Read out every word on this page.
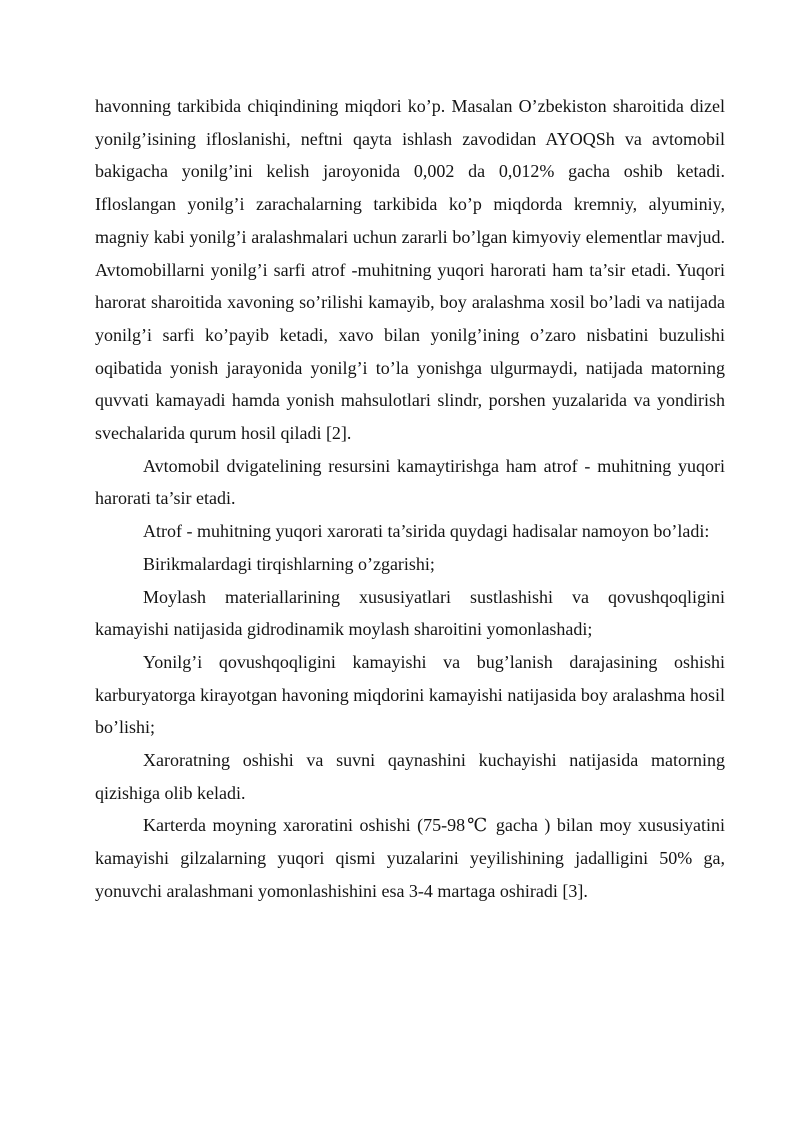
havonning tarkibida chiqindining miqdori ko’p. Masalan O’zbekiston sharoitida dizel yonilg’isining ifloslanishi, neftni qayta ishlash zavodidan AYOQSh va avtomobil bakigacha yonilg’ini kelish jaroyonida 0,002 da 0,012% gacha oshib ketadi. Ifloslangan yonilg’i zarachalarning tarkibida ko’p miqdorda kremniy, alyuminiy, magniy kabi yonilg’i aralashmalari uchun zararli bo’lgan kimyoviy elementlar mavjud. Avtomobillarni yonilg’i sarfi atrof -muhitning yuqori harorati ham ta’sir etadi. Yuqori harorat sharoitida xavoning so’rilishi kamayib, boy aralashma xosil bo’ladi va natijada yonilg’i sarfi ko’payib ketadi, xavo bilan yonilg’ining o’zaro nisbatini buzulishi oqibatida yonish jarayonida yonilg’i to’la yonishga ulgurmaydi, natijada matorning quvvati kamayadi hamda yonish mahsulotlari slindr, porshen yuzalarida va yondirish svechalarida qurum hosil qiladi [2].

Avtomobil dvigatelining resursini kamaytirishga ham atrof - muhitning yuqori harorati ta’sir etadi.

Atrof - muhitning yuqori xarorati ta’sirida quydagi hadisalar namoyon bo’ladi:

Birikmalardagi tirqishlarning o’zgarishi;

Moylash materiallarining xususiyatlari sustlashishi va qovushqoqligini kamayishi natijasida gidrodinamik moylash sharoitini yomonlashadi;

Yonilg’i qovushqoqligini kamayishi va bug’lanish darajasining oshishi karburyatorga kirayotgan havoning miqdorini kamayishi natijasida boy aralashma hosil bo’lishi;

Xaroratning oshishi va suvni qaynashini kuchayishi natijasida matorning qizishiga olib keladi.

Karterda moyning xaroratini oshishi (75-98℃ gacha ) bilan moy xususiyatini kamayishi gilzalarning yuqori qismi yuzalarini yeyilishining jadalligini 50% ga, yonuvchi aralashmani yomonlashishini esa 3-4 martaga oshiradi [3].
